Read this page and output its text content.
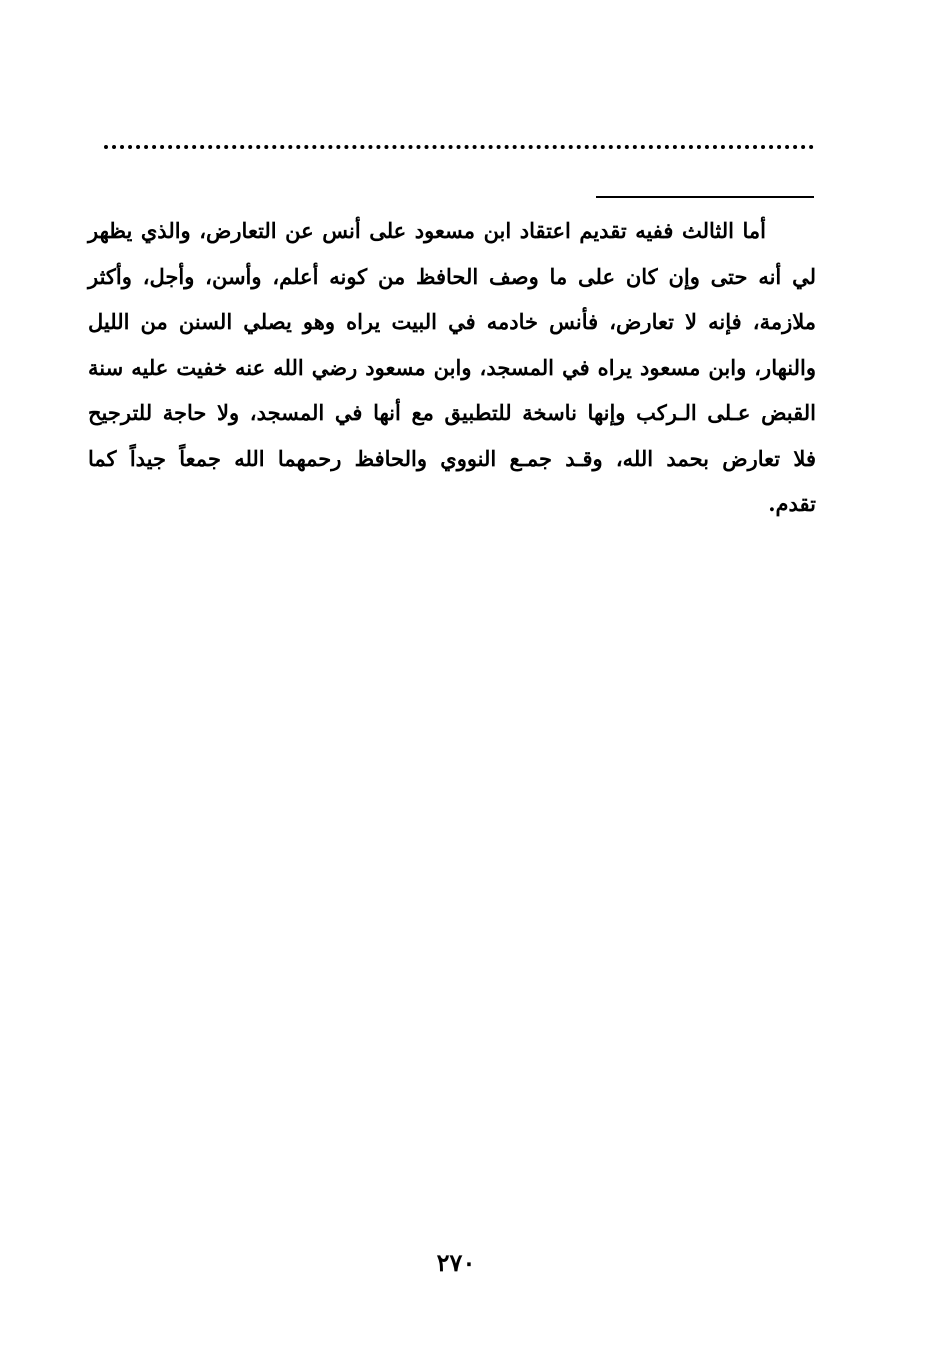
أما الثالث ففيه تقديم اعتقاد ابن مسعود على أنس عن التعارض، والذي يظهر
لي أنه حتى وإن كان على ما وصف الحافظ من كونه أعلم، وأسن، وأجل، وأكثر
ملازمة، فإنه لا تعارض، فأنس خادمه في البيت يراه وهو يصلي السنن من الليل
والنهار، وابن مسعود يراه في المسجد، وابن مسعود رضي الله عنه خفيت عليه سنة
القبض عـلى الـركب وإنها ناسخة للتطبيق مع أنها في المسجد، ولا حاجة للترجيح
فلا تعارض بحمد الله، وقـد جمـع النووي والحافظ رحمهما الله جمعاً جيداً كما
تقدم.
٢٧٠
